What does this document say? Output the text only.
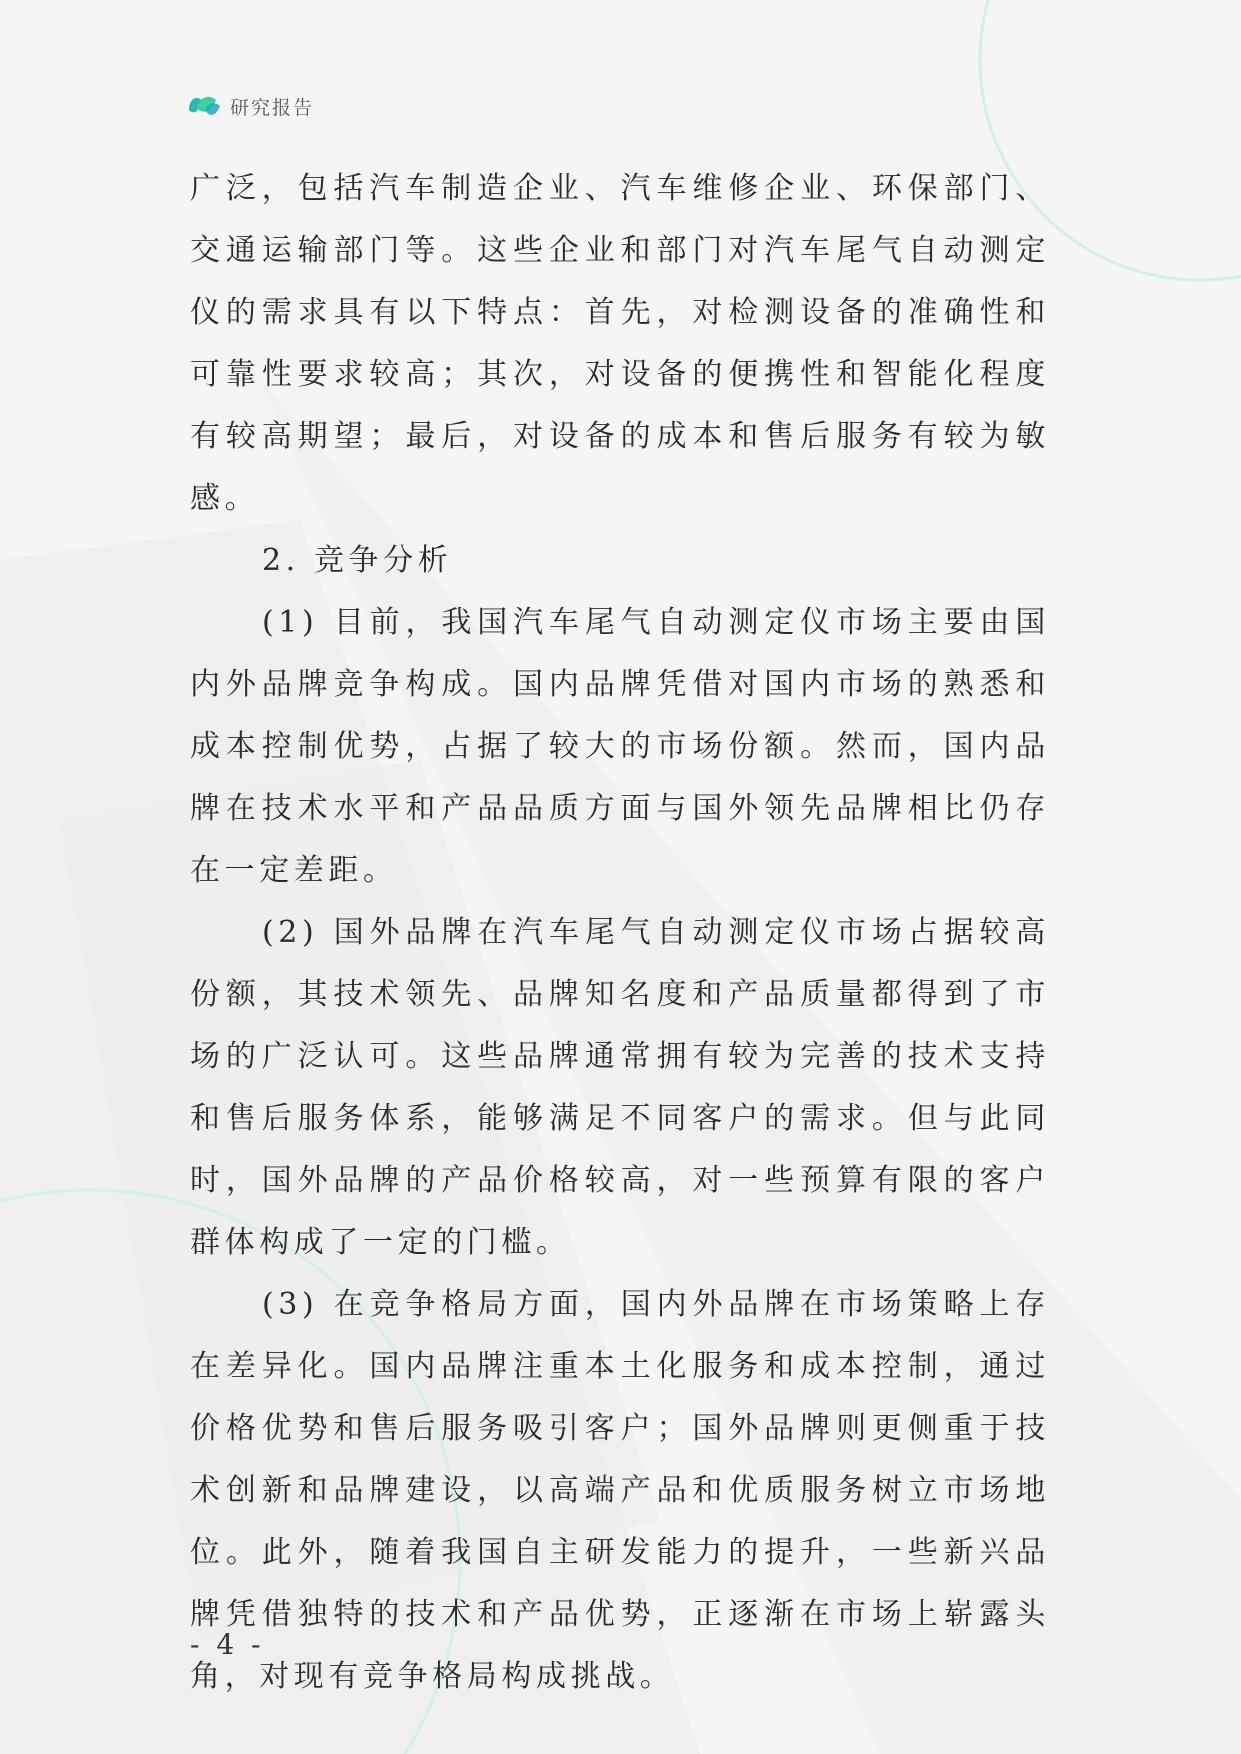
研究报告

广泛，包括汽车制造企业、汽车维修企业、环保部门、交通运输部门等。这些企业和部门对汽车尾气自动测定仪的需求具有以下特点：首先，对检测设备的准确性和可靠性要求较高；其次，对设备的便携性和智能化程度有较高期望；最后，对设备的成本和售后服务有较为敏感。

2. 竞争分析

(1) 目前，我国汽车尾气自动测定仪市场主要由国内外品牌竞争构成。国内品牌凭借对国内市场的熟悉和成本控制优势，占据了较大的市场份额。然而，国内品牌在技术水平和产品品质方面与国外领先品牌相比仍存在一定差距。

(2) 国外品牌在汽车尾气自动测定仪市场占据较高份额，其技术领先、品牌知名度和产品质量都得到了市场的广泛认可。这些品牌通常拥有较为完善的技术支持和售后服务体系，能够满足不同客户的需求。但与此同时，国外品牌的产品价格较高，对一些预算有限的客户群体构成了一定的门槛。

(3) 在竞争格局方面，国内外品牌在市场策略上存在差异化。国内品牌注重本土化服务和成本控制，通过价格优势和售后服务吸引客户；国外品牌则更侧重于技术创新和品牌建设，以高端产品和优质服务树立市场地位。此外，随着我国自主研发能力的提升，一些新兴品牌凭借独特的技术和产品优势，正逐渐在市场上崭露头角，对现有竞争格局构成挑战。

- 4 -
